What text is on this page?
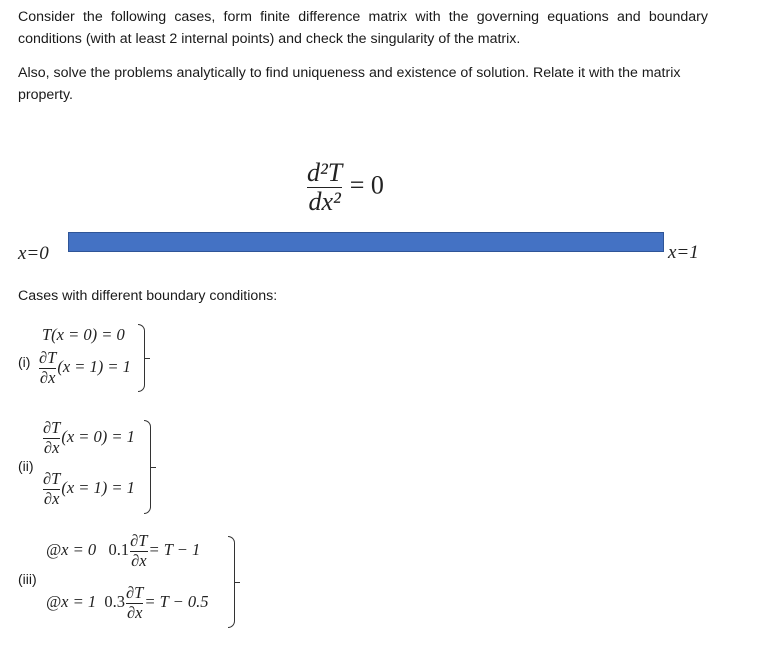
Consider the following cases, form finite difference matrix with the governing equations and boundary conditions (with at least 2 internal points) and check the singularity of the matrix.

Also, solve the problems analytically to find uniqueness and existence of solution. Relate it with the matrix property.

$\frac{\text{d²T}}{\text{dx²}} = 0$
x=0	x=1
Cases with different boundary conditions:
(i)
T(x = 0) = 0
$\frac{\partial T}{\partial x} (x = 1) = 1$
(ii)
$\frac{\partial T}{\partial x} (x = 0) = 1$
$\frac{\partial T}{\partial x} (x = 1) = 1$
(iii)
@x = 0 $0.1 \frac{\partial T}{\partial x} = T - 1$
@x = 1 $0.3 \frac{\partial T}{\partial x} = T - 0.5$
